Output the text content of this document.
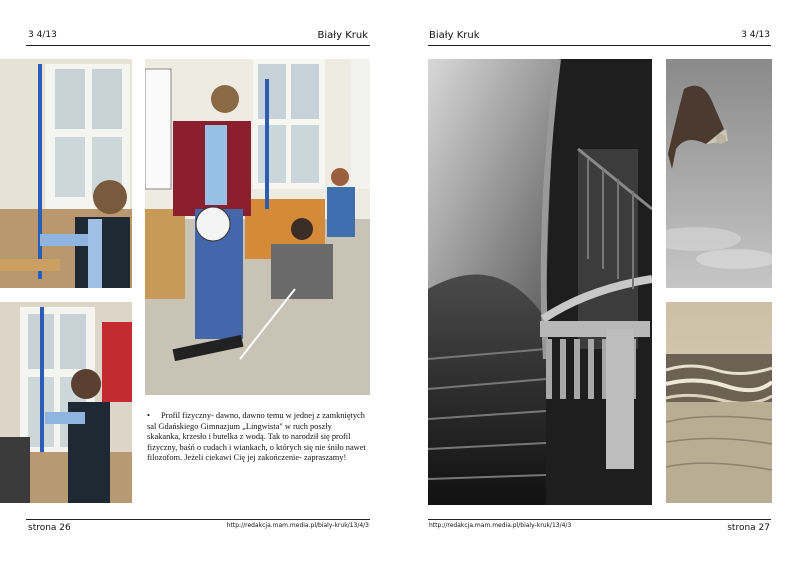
3 4/13	Biały Kruk
• Profil fizyczny- dawno, dawno temu w jednej z zamkniętych sal Gdańskiego Gimnazjum „Lingwista" w ruch poszły skakanka, krzesło i butelka z wodą. Tak to narodził się profil fizyczny, baśń o cudach i wiankach, o których się nie śniło nawet filozofom. Jeżeli ciekawi Cię jej zakończenie- zapraszamy!
strona 26	http://redakcja.mam.media.pl/bialy-kruk/13/4/3
Biały Kruk	3 4/13
http://redakcja.mam.media.pl/bialy-kruk/13/4/3	strona 27
